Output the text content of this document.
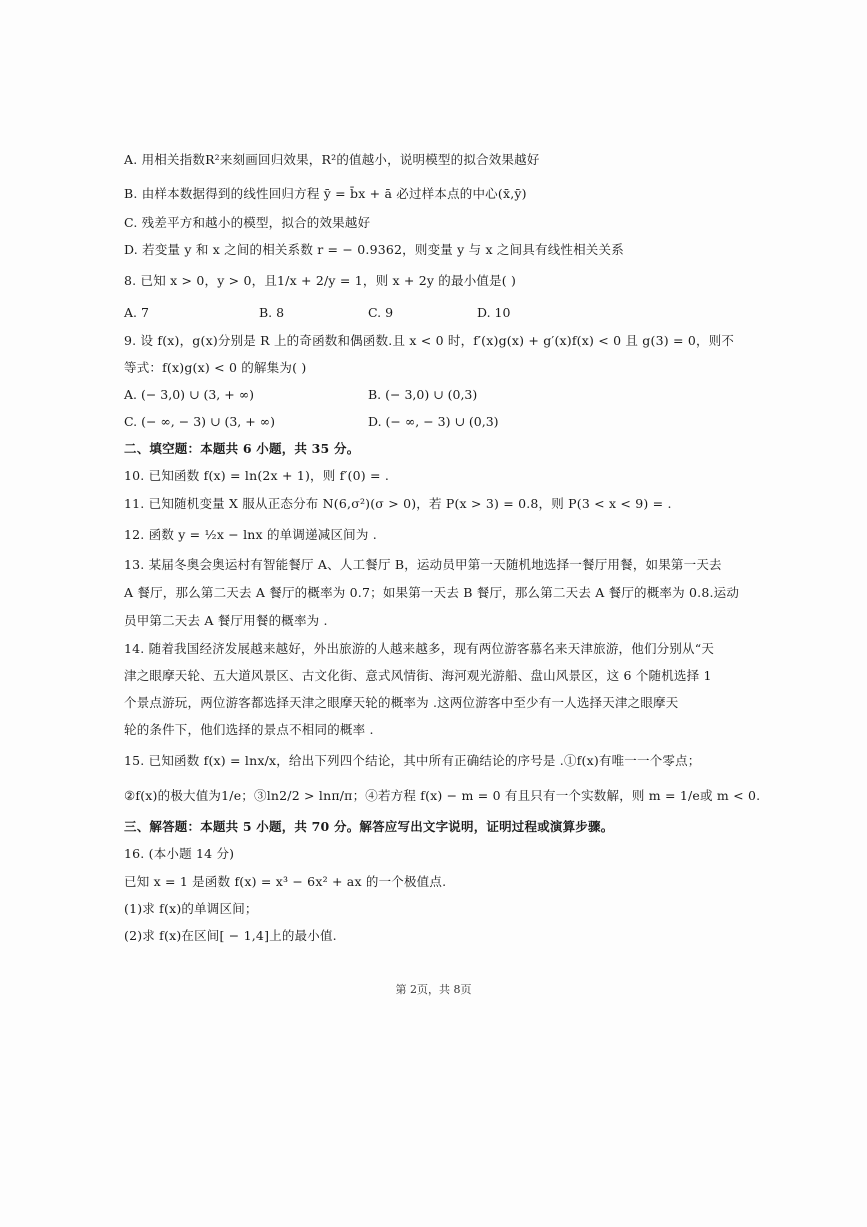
A. 用相关指数R²来刻画回归效果，R²的值越小，说明模型的拟合效果越好
B. 由样本数据得到的线性回归方程 ȳ = b̄x + ā 必过样本点的中心(x̄,ȳ)
C. 残差平方和越小的模型，拟合的效果越好
D. 若变量 y 和 x 之间的相关系数 r = − 0.9362，则变量 y 与 x 之间具有线性相关关系
8. 已知 x > 0，y > 0，且1/x + 2/y = 1，则 x + 2y 的最小值是( )
A. 7	B. 8	C. 9	D. 10
9. 设 f(x)，g(x)分别是 R 上的奇函数和偶函数.且 x < 0 时，f′(x)g(x) + g′(x)f(x) < 0 且 g(3) = 0，则不
等式：f(x)g(x) < 0 的解集为( )
A. (− 3,0) ∪ (3, + ∞)	B. (− 3,0) ∪ (0,3)
C. (− ∞, − 3) ∪ (3, + ∞)	D. (− ∞, − 3) ∪ (0,3)
二、填空题：本题共 6 小题，共 35 分。
10. 已知函数 f(x) = ln(2x + 1)，则 f′(0) = .
11. 已知随机变量 X 服从正态分布 N(6,σ²)(σ > 0)，若 P(x > 3) = 0.8，则 P(3 < x < 9) = .
12. 函数 y = ½x − lnx 的单调递减区间为 .
13. 某届冬奥会奥运村有智能餐厅 A、人工餐厅 B，运动员甲第一天随机地选择一餐厅用餐，如果第一天去
A 餐厅，那么第二天去 A 餐厅的概率为 0.7；如果第一天去 B 餐厅，那么第二天去 A 餐厅的概率为 0.8.运动
员甲第二天去 A 餐厅用餐的概率为 .
14. 随着我国经济发展越来越好，外出旅游的人越来越多，现有两位游客慕名来天津旅游，他们分别从“天
津之眼摩天轮、五大道风景区、古文化街、意式风情街、海河观光游船、盘山风景区，这 6 个随机选择 1
个景点游玩，两位游客都选择天津之眼摩天轮的概率为 .这两位游客中至少有一人选择天津之眼摩天
轮的条件下，他们选择的景点不相同的概率 .
15. 已知函数 f(x) = lnx/x，给出下列四个结论，其中所有正确结论的序号是 .①f(x)有唯一一个零点；
②f(x)的极大值为1/e；③ln2/2 > lnπ/π；④若方程 f(x) − m = 0 有且只有一个实数解，则 m = 1/e或 m < 0.
三、解答题：本题共 5 小题，共 70 分。解答应写出文字说明，证明过程或演算步骤。
16. (本小题 14 分)
已知 x = 1 是函数 f(x) = x³ − 6x² + ax 的一个极值点.
(1)求 f(x)的单调区间；
(2)求 f(x)在区间[ − 1,4]上的最小值.
第 2页，共 8页
